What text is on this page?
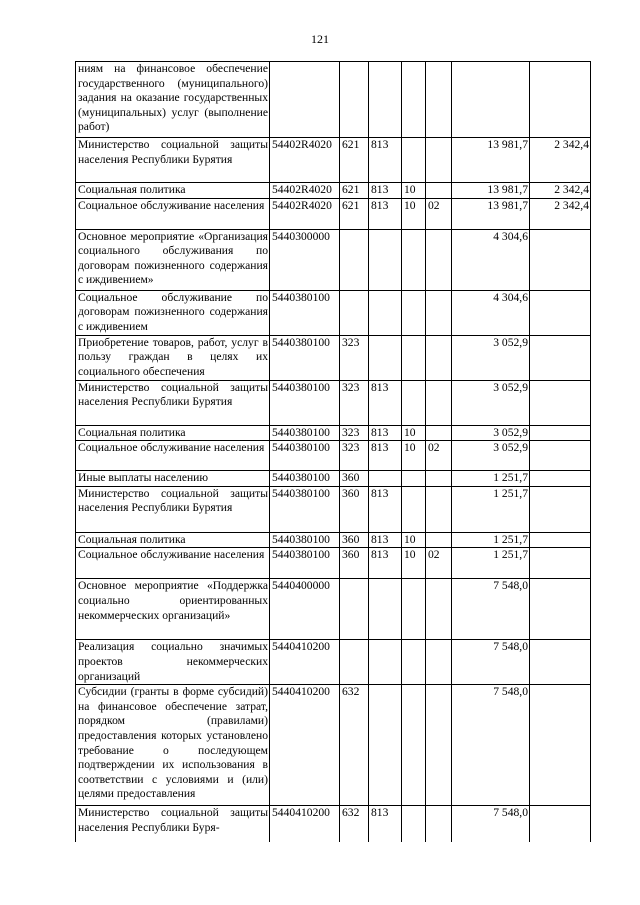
121
ниям на финансовое обеспечение государственного (муниципального) задания на оказание государственных (муниципальных) услуг (выполнение работ)							
Министерство социальной защиты населения Республики Бурятия	54402R4020	621	813			13 981,7	2 342,4
Социальная политика	54402R4020	621	813	10		13 981,7	2 342,4
Социальное обслуживание населения	54402R4020	621	813	10	02	13 981,7	2 342,4
Основное мероприятие «Организация социального обслуживания по договорам пожизненного содержания с иждивением»	5440300000					4 304,6	
Социальное обслуживание по договорам пожизненного содержания с иждивением	5440380100					4 304,6	
Приобретение товаров, работ, услуг в пользу граждан в целях их социального обеспечения	5440380100	323				3 052,9	
Министерство социальной защиты населения Республики Бурятия	5440380100	323	813			3 052,9	
Социальная политика	5440380100	323	813	10		3 052,9	
Социальное обслуживание населения	5440380100	323	813	10	02	3 052,9	
Иные выплаты населению	5440380100	360				1 251,7	
Министерство социальной защиты населения Республики Бурятия	5440380100	360	813			1 251,7	
Социальная политика	5440380100	360	813	10		1 251,7	
Социальное обслуживание населения	5440380100	360	813	10	02	1 251,7	
Основное мероприятие «Поддержка социально ориентированных некоммерческих организаций»	5440400000					7 548,0	
Реализация социально значимых проектов некоммерческих организаций	5440410200					7 548,0	
Субсидии (гранты в форме субсидий) на финансовое обеспечение затрат, порядком (правилами) предоставления которых установлено требование о последующем подтверждении их использования в соответствии с условиями и (или) целями предоставления	5440410200	632				7 548,0	
Министерство социальной защиты населения Республики Буря-	5440410200	632	813			7 548,0	
